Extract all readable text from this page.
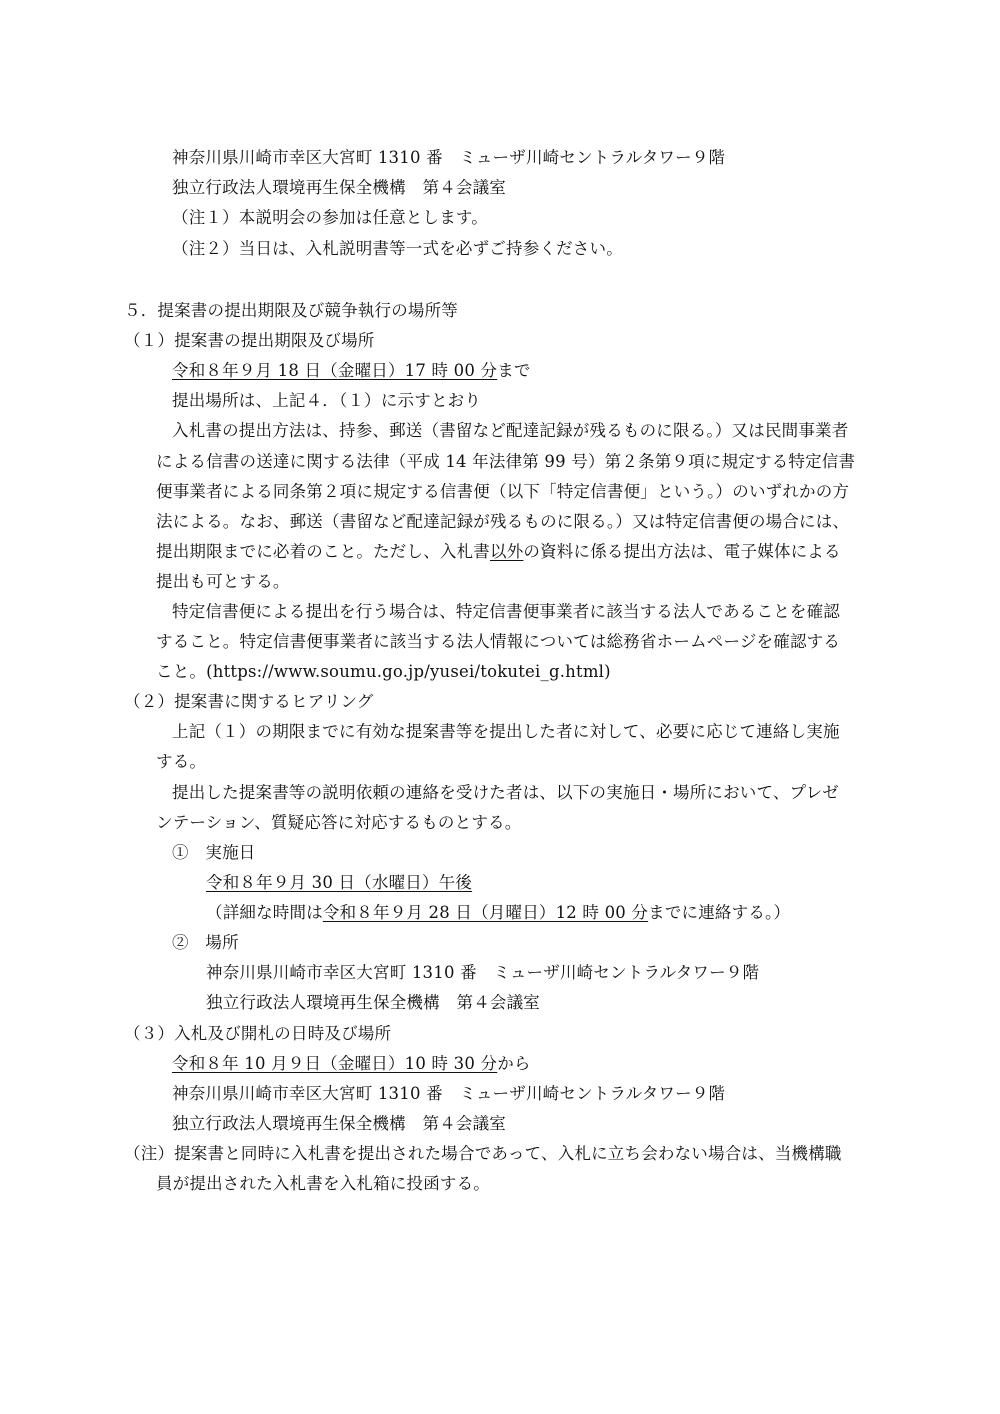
神奈川県川崎市幸区大宮町 1310 番　ミューザ川崎セントラルタワー９階
独立行政法人環境再生保全機構　第４会議室
（注１）本説明会の参加は任意とします。
（注２）当日は、入札説明書等一式を必ずご持参ください。
５．提案書の提出期限及び競争執行の場所等
（１）提案書の提出期限及び場所
令和８年９月 18 日（金曜日）17 時 00 分まで
提出場所は、上記４．（１）に示すとおり
入札書の提出方法は、持参、郵送（書留など配達記録が残るものに限る。）又は民間事業者
による信書の送達に関する法律（平成 14 年法律第 99 号）第２条第９項に規定する特定信書
便事業者による同条第２項に規定する信書便（以下「特定信書便」という。）のいずれかの方
法による。なお、郵送（書留など配達記録が残るものに限る。）又は特定信書便の場合には、
提出期限までに必着のこと。ただし、入札書以外の資料に係る提出方法は、電子媒体による
提出も可とする。
特定信書便による提出を行う場合は、特定信書便事業者に該当する法人であることを確認
すること。特定信書便事業者に該当する法人情報については総務省ホームページを確認する
こと。(https://www.soumu.go.jp/yusei/tokutei_g.html)
（２）提案書に関するヒアリング
上記（１）の期限までに有効な提案書等を提出した者に対して、必要に応じて連絡し実施
する。
提出した提案書等の説明依頼の連絡を受けた者は、以下の実施日・場所において、プレゼ
ンテーション、質疑応答に対応するものとする。
①　実施日
令和８年９月 30 日（水曜日）午後
（詳細な時間は令和８年９月 28 日（月曜日）12 時 00 分までに連絡する。）
②　場所
神奈川県川崎市幸区大宮町 1310 番　ミューザ川崎セントラルタワー９階
独立行政法人環境再生保全機構　第４会議室
（３）入札及び開札の日時及び場所
令和８年 10 月９日（金曜日）10 時 30 分から
神奈川県川崎市幸区大宮町 1310 番　ミューザ川崎セントラルタワー９階
独立行政法人環境再生保全機構　第４会議室
（注）提案書と同時に入札書を提出された場合であって、入札に立ち会わない場合は、当機構職
員が提出された入札書を入札箱に投函する。
